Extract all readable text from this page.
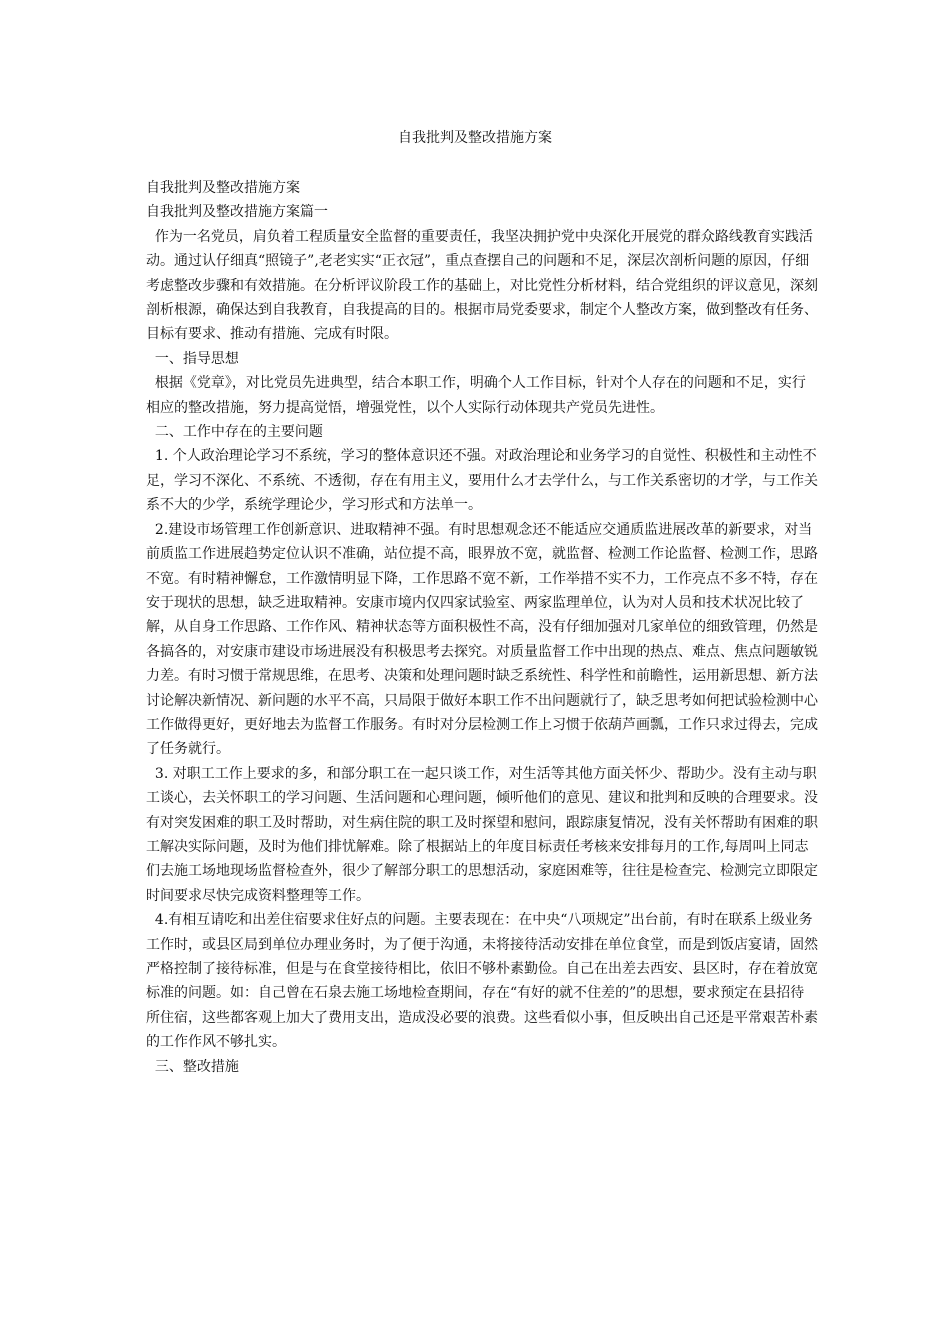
自我批判及整改措施方案

自我批判及整改措施方案

自我批判及整改措施方案篇一

作为一名党员，肩负着工程质量安全监督的重要责任，我坚决拥护党中央深化开展党的群众路线教育实践活动。通过认仔细真“照镜子”,老老实实“正衣冠”，重点查摆自己的问题和不足，深层次剖析问题的原因，仔细考虑整改步骤和有效措施。在分析评议阶段工作的基础上，对比党性分析材料，结合党组织的评议意见，深刻剖析根源，确保达到自我教育，自我提高的目的。根据市局党委要求，制定个人整改方案，做到整改有任务、目标有要求、推动有措施、完成有时限。

一、指导思想

根据《党章》，对比党员先进典型，结合本职工作，明确个人工作目标，针对个人存在的问题和不足，实行相应的整改措施，努力提高觉悟，增强党性，以个人实际行动体现共产党员先进性。

二、工作中存在的主要问题

1. 个人政治理论学习不系统，学习的整体意识还不强。对政治理论和业务学习的自觉性、积极性和主动性不足，学习不深化、不系统、不透彻，存在有用主义，要用什么才去学什么，与工作关系密切的才学，与工作关系不大的少学，系统学理论少，学习形式和方法单一。

2.建设市场管理工作创新意识、进取精神不强。有时思想观念还不能适应交通质监进展改革的新要求，对当前质监工作进展趋势定位认识不准确，站位提不高，眼界放不宽，就监督、检测工作论监督、检测工作，思路不宽。有时精神懈怠，工作激情明显下降，工作思路不宽不新，工作举措不实不力，工作亮点不多不特，存在安于现状的思想，缺乏进取精神。安康市境内仅四家试验室、两家监理单位，认为对人员和技术状况比较了解，从自身工作思路、工作作风、精神状态等方面积极性不高，没有仔细加强对几家单位的细致管理，仍然是各搞各的，对安康市建设市场进展没有积极思考去探究。对质量监督工作中出现的热点、难点、焦点问题敏锐力差。有时习惯于常规思维，在思考、决策和处理问题时缺乏系统性、科学性和前瞻性，运用新思想、新方法讨论解决新情况、新问题的水平不高，只局限于做好本职工作不出问题就行了，缺乏思考如何把试验检测中心工作做得更好，更好地去为监督工作服务。有时对分层检测工作上习惯于依葫芦画瓢，工作只求过得去，完成了任务就行。

3. 对职工工作上要求的多，和部分职工在一起只谈工作，对生活等其他方面关怀少、帮助少。没有主动与职工谈心，去关怀职工的学习问题、生活问题和心理问题，倾听他们的意见、建议和批判和反映的合理要求。没有对突发困难的职工及时帮助，对生病住院的职工及时探望和慰问，跟踪康复情况，没有关怀帮助有困难的职工解决实际问题，及时为他们排忧解难。除了根据站上的年度目标责任考核来安排每月的工作,每周叫上同志们去施工场地现场监督检查外，很少了解部分职工的思想活动，家庭困难等，往往是检查完、检测完立即限定时间要求尽快完成资料整理等工作。

4.有相互请吃和出差住宿要求住好点的问题。主要表现在：在中央“八项规定”出台前，有时在联系上级业务工作时，或县区局到单位办理业务时，为了便于沟通，未将接待活动安排在单位食堂，而是到饭店宴请，固然严格控制了接待标准，但是与在食堂接待相比，依旧不够朴素勤俭。自己在出差去西安、县区时，存在着放宽标准的问题。如：自己曾在石泉去施工场地检查期间，存在“有好的就不住差的”的思想，要求预定在县招待所住宿，这些都客观上加大了费用支出，造成没必要的浪费。这些看似小事，但反映出自己还是平常艰苦朴素的工作作风不够扎实。

三、整改措施
